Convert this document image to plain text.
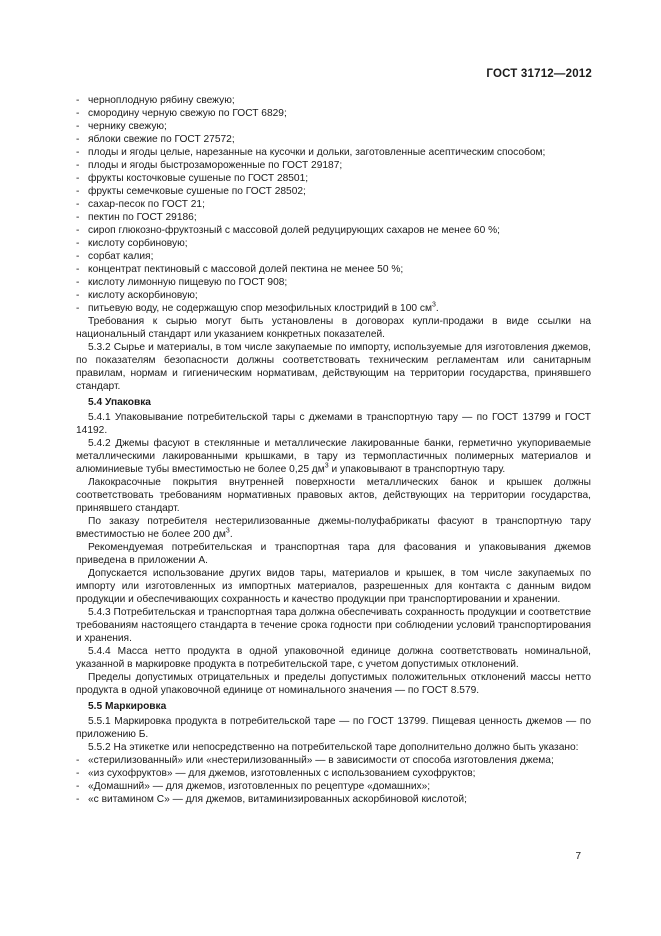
ГОСТ 31712—2012
- черноплодную рябину свежую;
- смородину черную свежую по ГОСТ 6829;
- чернику свежую;
- яблоки свежие по ГОСТ 27572;
- плоды и ягоды целые, нарезанные на кусочки и дольки, заготовленные асептическим способом;
- плоды и ягоды быстрозамороженные по ГОСТ 29187;
- фрукты косточковые сушеные по ГОСТ 28501;
- фрукты семечковые сушеные по ГОСТ 28502;
- сахар-песок по ГОСТ 21;
- пектин по ГОСТ 29186;
- сироп глюкозно-фруктозный с массовой долей редуцирующих сахаров не менее 60 %;
- кислоту сорбиновую;
- сорбат калия;
- концентрат пектиновый с массовой долей пектина не менее 50 %;
- кислоту лимонную пищевую по ГОСТ 908;
- кислоту аскорбиновую;
- питьевую воду, не содержащую спор мезофильных клостридий в 100 $см^3$.
Требования к сырью могут быть установлены в договорах купли-продажи в виде ссылки на национальный стандарт или указанием конкретных показателей.
5.3.2 Сырье и материалы, в том числе закупаемые по импорту, используемые для изготовления джемов, по показателям безопасности должны соответствовать техническим регламентам или санитарным правилам, нормам и гигиеническим нормативам, действующим на территории государства, принявшего стандарт.
5.4 Упаковка
5.4.1 Упаковывание потребительской тары с джемами в транспортную тару — по ГОСТ 13799 и ГОСТ 14192.
5.4.2 Джемы фасуют в стеклянные и металлические лакированные банки, герметично укупориваемые металлическими лакированными крышками, в тару из термопластичных полимерных материалов и алюминиевые тубы вместимостью не более 0,25 $дм^3$ и упаковывают в транспортную тару.
Лакокрасочные покрытия внутренней поверхности металлических банок и крышек должны соответствовать требованиям нормативных правовых актов, действующих на территории государства, принявшего стандарт.
По заказу потребителя нестерилизованные джемы-полуфабрикаты фасуют в транспортную тару вместимостью не более 200 $дм^3$.
Рекомендуемая потребительская и транспортная тара для фасования и упаковывания джемов приведена в приложении А.
Допускается использование других видов тары, материалов и крышек, в том числе закупаемых по импорту или изготовленных из импортных материалов, разрешенных для контакта с данным видом продукции и обеспечивающих сохранность и качество продукции при транспортировании и хранении.
5.4.3 Потребительская и транспортная тара должна обеспечивать сохранность продукции и соответствие требованиям настоящего стандарта в течение срока годности при соблюдении условий транспортирования и хранения.
5.4.4 Масса нетто продукта в одной упаковочной единице должна соответствовать номинальной, указанной в маркировке продукта в потребительской таре, с учетом допустимых отклонений.
Пределы допустимых отрицательных и пределы допустимых положительных отклонений массы нетто продукта в одной упаковочной единице от номинального значения — по ГОСТ 8.579.
5.5 Маркировка
5.5.1 Маркировка продукта в потребительской таре — по ГОСТ 13799. Пищевая ценность джемов — по приложению Б.
5.5.2 На этикетке или непосредственно на потребительской таре дополнительно должно быть указано:
- «стерилизованный» или «нестерилизованный» — в зависимости от способа изготовления джема;
- «из сухофруктов» — для джемов, изготовленных с использованием сухофруктов;
- «Домашний» — для джемов, изготовленных по рецептуре «домашних»;
- «с витамином С» — для джемов, витаминизированных аскорбиновой кислотой;
7
